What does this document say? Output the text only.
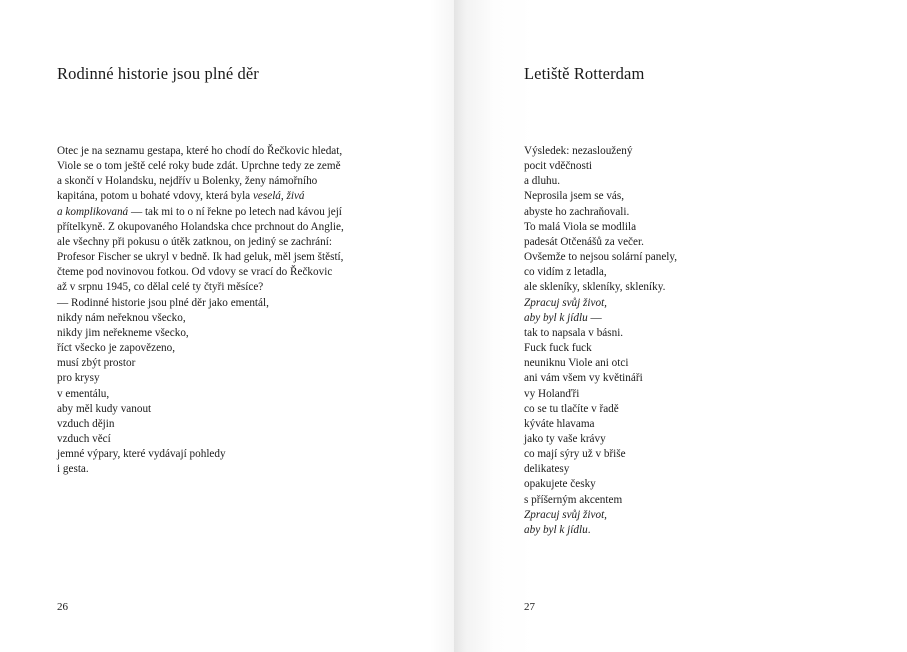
Rodinné historie jsou plné děr
Otec je na seznamu gestapa, které ho chodí do Řečkovic hledat,
Viole se o tom ještě celé roky bude zdát. Uprchne tedy ze země
a skončí v Holandsku, nejdřív u Bolenky, ženy námořního
kapitána, potom u bohaté vdovy, která byla veselá, živá
a komplikovaná — tak mi to o ní řekne po letech nad kávou její
přítelkyně. Z okupovaného Holandska chce prchnout do Anglie,
ale všechny při pokusu o útěk zatknou, on jediný se zachrání:
Profesor Fischer se ukryl v bedně. Ik had geluk, měl jsem štěstí,
čteme pod novinovou fotkou. Od vdovy se vrací do Řečkovic
až v srpnu 1945, co dělal celé ty čtyři měsíce?
— Rodinné historie jsou plné děr jako ementál,
nikdy nám neřeknou všecko,
nikdy jim neřekneme všecko,
říct všecko je zapovězeno,
musí zbýt prostor
pro krysy
v ementálu,
aby měl kudy vanout
vzduch dějin
vzduch věcí
jemné výpary, které vydávají pohledy
i gesta.
26
Letiště Rotterdam
Výsledek: nezasloužený
pocit vděčnosti
a dluhu.
Neprosila jsem se vás,
abyste ho zachraňovali.
To malá Viola se modlila
padesát Otčenášů za večer.
Ovšemže to nejsou solární panely,
co vidím z letadla,
ale skleníky, skleníky, skleníky.
Zpracuj svůj život,
aby byl k jídlu —
tak to napsala v básni.
Fuck fuck fuck
neuniknu Viole ani otci
ani vám všem vy květináři
vy Holanďři
co se tu tlačíte v řadě
kýváte hlavama
jako ty vaše krávy
co mají sýry už v břiše
delikatesy
opakujete česky
s příšerným akcentem
Zpracuj svůj život,
aby byl k jídlu.
27
